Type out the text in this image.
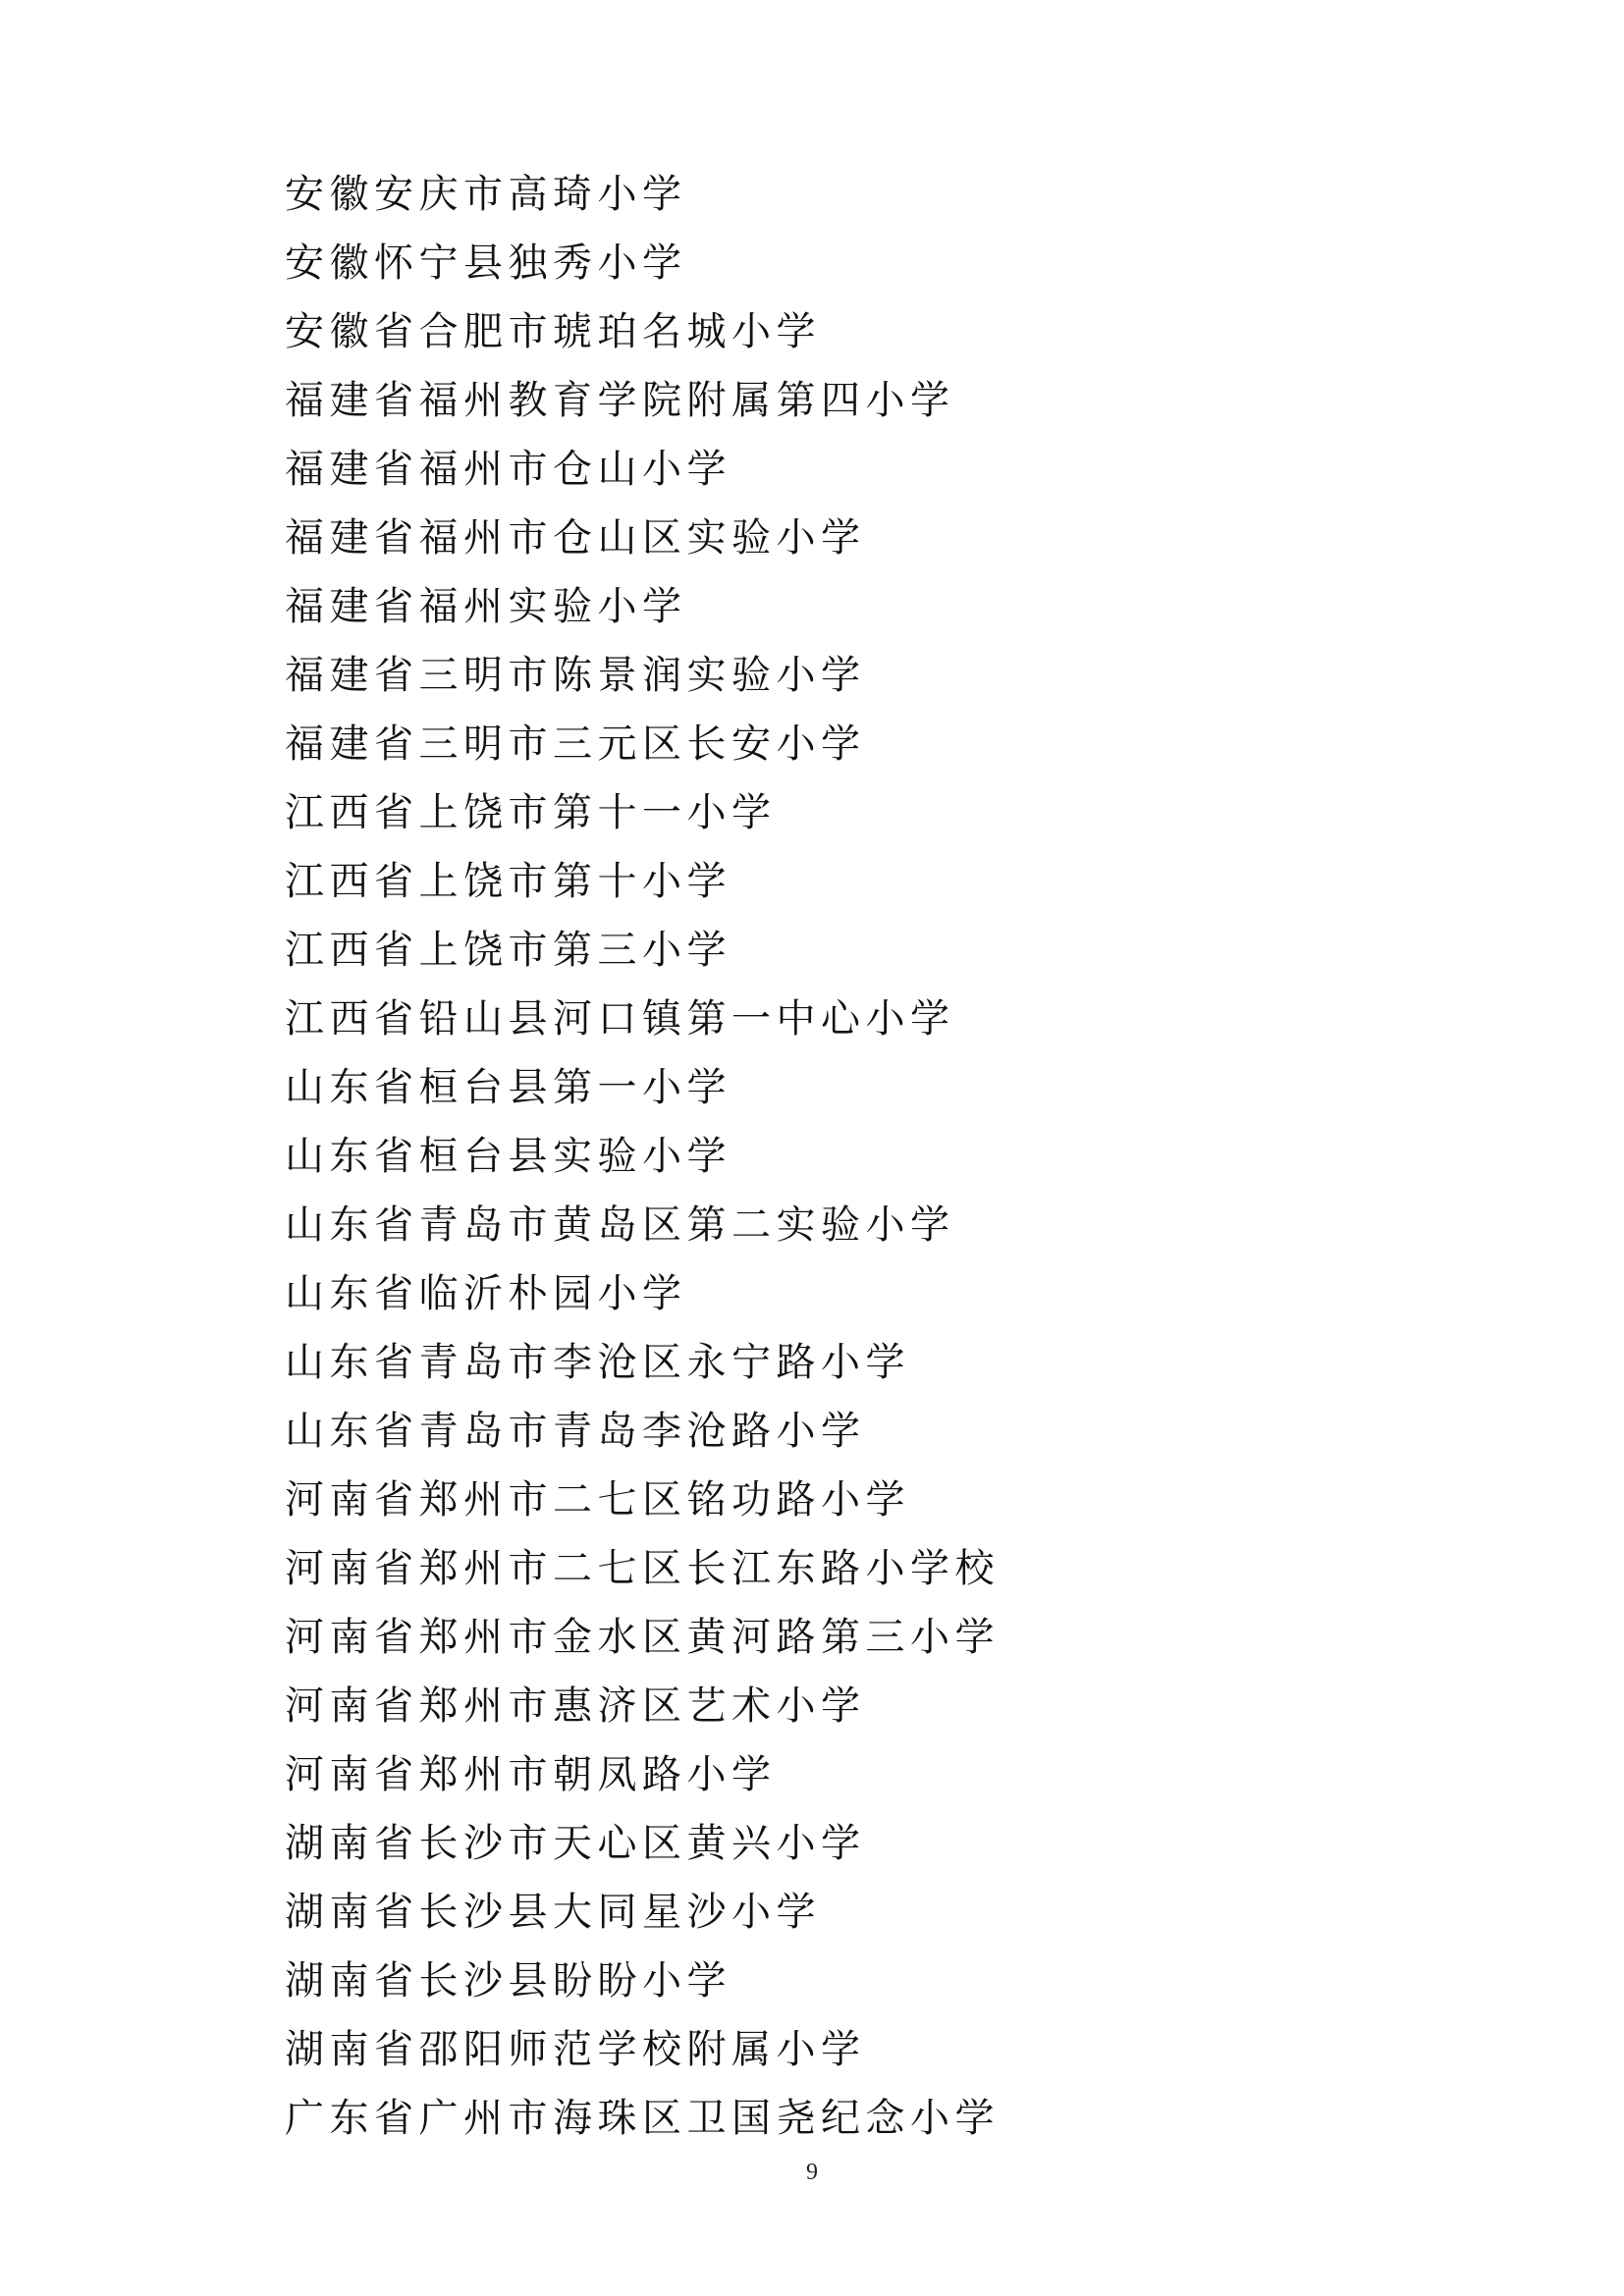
安徽安庆市高琦小学
安徽怀宁县独秀小学
安徽省合肥市琥珀名城小学
福建省福州教育学院附属第四小学
福建省福州市仓山小学
福建省福州市仓山区实验小学
福建省福州实验小学
福建省三明市陈景润实验小学
福建省三明市三元区长安小学
江西省上饶市第十一小学
江西省上饶市第十小学
江西省上饶市第三小学
江西省铅山县河口镇第一中心小学
山东省桓台县第一小学
山东省桓台县实验小学
山东省青岛市黄岛区第二实验小学
山东省临沂朴园小学
山东省青岛市李沧区永宁路小学
山东省青岛市青岛李沧路小学
河南省郑州市二七区铭功路小学
河南省郑州市二七区长江东路小学校
河南省郑州市金水区黄河路第三小学
河南省郑州市惠济区艺术小学
河南省郑州市朝凤路小学
湖南省长沙市天心区黄兴小学
湖南省长沙县大同星沙小学
湖南省长沙县盼盼小学
湖南省邵阳师范学校附属小学
广东省广州市海珠区卫国尧纪念小学
9
